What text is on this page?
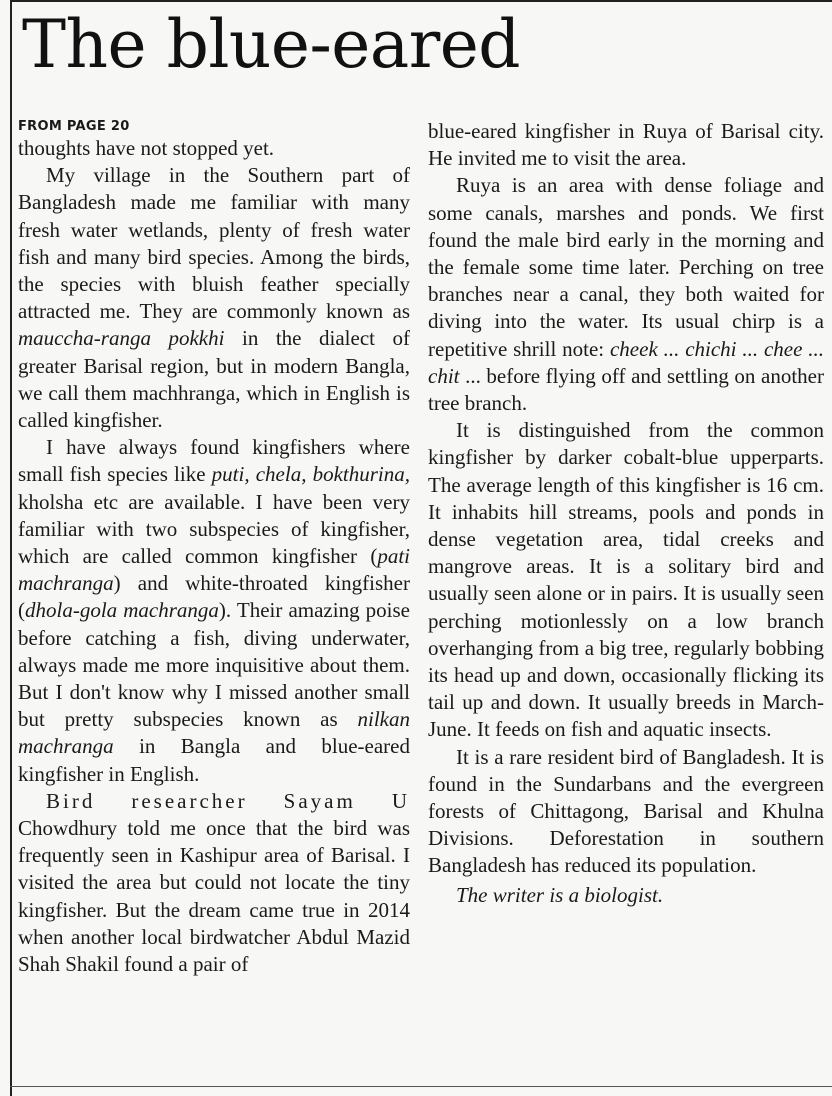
The blue-eared

FROM PAGE 20

thoughts have not stopped yet.

My village in the Southern part of Bangladesh made me familiar with many fresh water wetlands, plenty of fresh water fish and many bird species. Among the birds, the species with bluish feather specially attracted me. They are commonly known as mauccha-ranga pokkhi in the dialect of greater Barisal region, but in modern Bangla, we call them machhranga, which in English is called kingfisher.

I have always found kingfishers where small fish species like puti, chela, bokthurina, kholsha etc are available. I have been very familiar with two subspecies of kingfisher, which are called common kingfisher (pati machranga) and white-throated kingfisher (dhola-gola machranga). Their amazing poise before catching a fish, diving underwater, always made me more inquisitive about them. But I don't know why I missed another small but pretty subspecies known as nilkan machranga in Bangla and blue-eared kingfisher in English.

Bird researcher Sayam U Chowdhury told me once that the bird was frequently seen in Kashipur area of Barisal. I visited the area but could not locate the tiny kingfisher. But the dream came true in 2014 when another local birdwatcher Abdul Mazid Shah Shakil found a pair of

blue-eared kingfisher in Ruya of Barisal city. He invited me to visit the area.

Ruya is an area with dense foliage and some canals, marshes and ponds. We first found the male bird early in the morning and the female some time later. Perching on tree branches near a canal, they both waited for diving into the water. Its usual chirp is a repetitive shrill note: cheek ... chichi ... chee ... chit ... before flying off and settling on another tree branch.

It is distinguished from the common kingfisher by darker cobalt-blue upperparts. The average length of this kingfisher is 16 cm. It inhabits hill streams, pools and ponds in dense vegetation area, tidal creeks and mangrove areas. It is a solitary bird and usually seen alone or in pairs. It is usually seen perching motionlessly on a low branch overhanging from a big tree, regularly bobbing its head up and down, occasionally flicking its tail up and down. It usually breeds in March-June. It feeds on fish and aquatic insects.

It is a rare resident bird of Bangladesh. It is found in the Sundarbans and the evergreen forests of Chittagong, Barisal and Khulna Divisions. Deforestation in southern Bangladesh has reduced its population.

The writer is a biologist.
